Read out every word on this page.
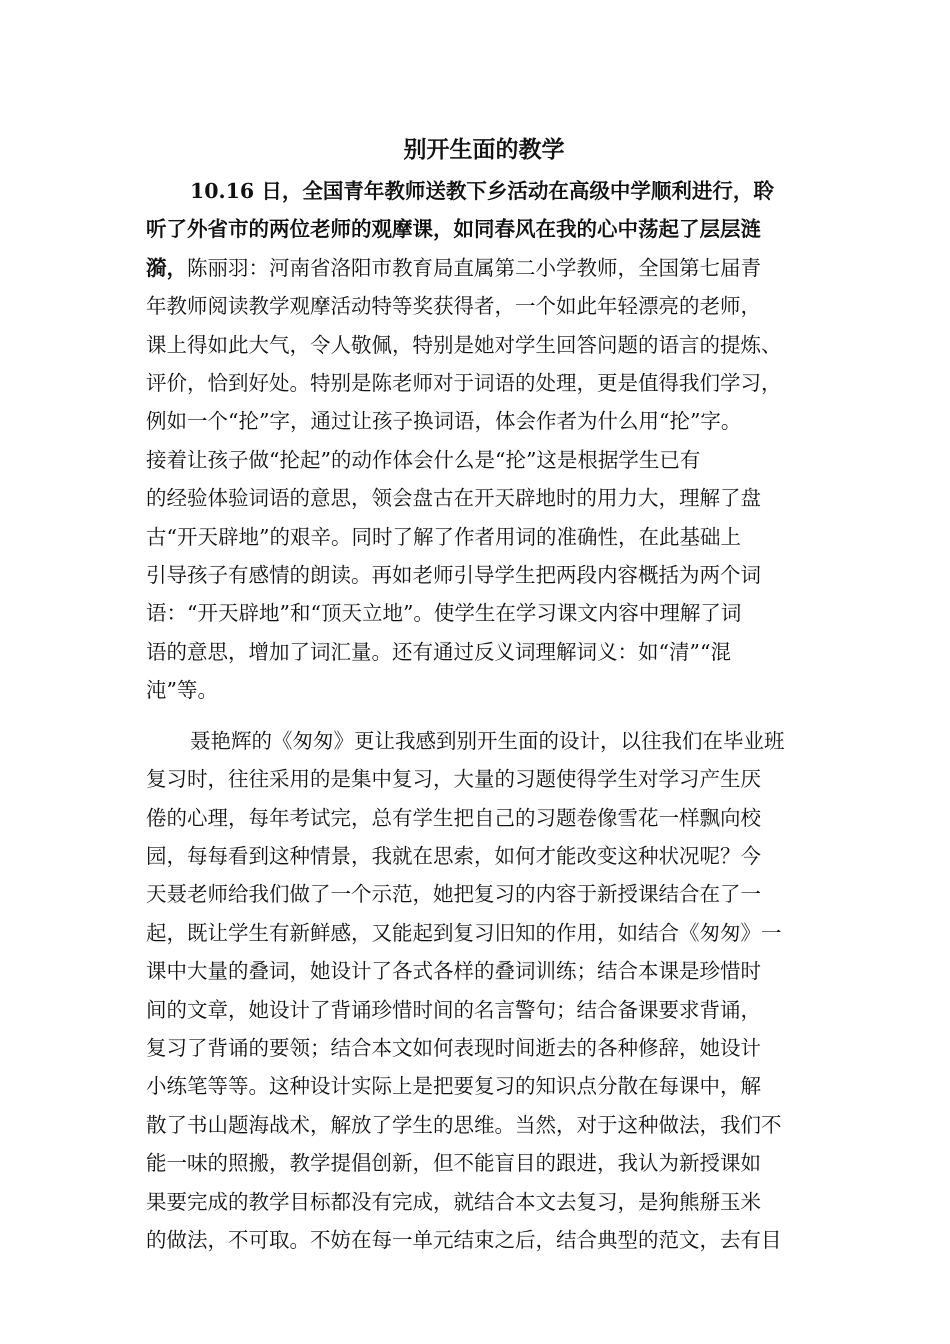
别开生面的教学
10.16 日，全国青年教师送教下乡活动在高级中学顺利进行，聆
听了外省市的两位老师的观摩课，如同春风在我的心中荡起了层层涟
漪，陈丽羽：河南省洛阳市教育局直属第二小学教师，全国第七届青
年教师阅读教学观摩活动特等奖获得者，一个如此年轻漂亮的老师，
课上得如此大气，令人敬佩，特别是她对学生回答问题的语言的提炼、
评价，恰到好处。特别是陈老师对于词语的处理，更是值得我们学习，
例如一个“抡”字，通过让孩子换词语，体会作者为什么用“抡”字。
接着让孩子做“抡起”的动作体会什么是“抡”这是根据学生已有
的经验体验词语的意思，领会盘古在开天辟地时的用力大，理解了盘
古“开天辟地”的艰辛。同时了解了作者用词的准确性，在此基础上
引导孩子有感情的朗读。再如老师引导学生把两段内容概括为两个词
语：“开天辟地”和“顶天立地”。使学生在学习课文内容中理解了词
语的意思，增加了词汇量。还有通过反义词理解词义：如“清”“混
沌”等。
聂艳辉的《匆匆》更让我感到别开生面的设计，以往我们在毕业班
复习时，往往采用的是集中复习，大量的习题使得学生对学习产生厌
倦的心理，每年考试完，总有学生把自己的习题卷像雪花一样飘向校
园，每每看到这种情景，我就在思索，如何才能改变这种状况呢？今
天聂老师给我们做了一个示范，她把复习的内容于新授课结合在了一
起，既让学生有新鲜感，又能起到复习旧知的作用，如结合《匆匆》一
课中大量的叠词，她设计了各式各样的叠词训练；结合本课是珍惜时
间的文章，她设计了背诵珍惜时间的名言警句；结合备课要求背诵，
复习了背诵的要领；结合本文如何表现时间逝去的各种修辞，她设计
小练笔等等。这种设计实际上是把要复习的知识点分散在每课中，解
散了书山题海战术，解放了学生的思维。当然，对于这种做法，我们不
能一味的照搬，教学提倡创新，但不能盲目的跟进，我认为新授课如
果要完成的教学目标都没有完成，就结合本文去复习，是狗熊掰玉米
的做法，不可取。不妨在每一单元结束之后，结合典型的范文，去有目
